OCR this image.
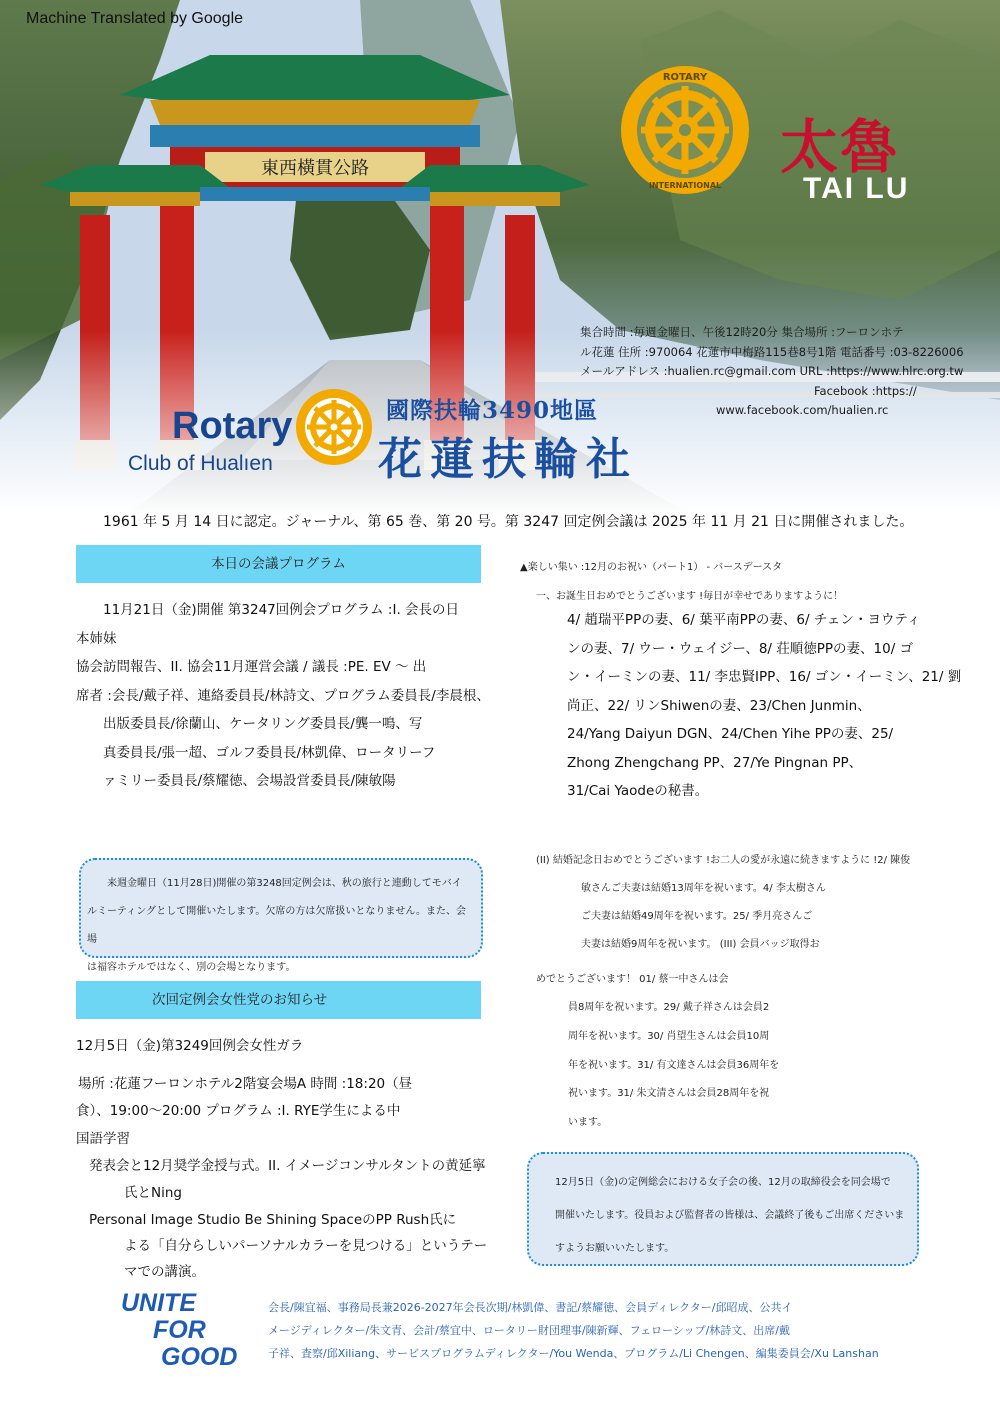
東西橫貫公路
ROTARY
INTERNATIONAL
Machine Translated by Google
太魯
TAI LU
集合時間 :毎週金曜日、午後12時20分 集合場所 :フーロンホテ
ル花蓮 住所 :970064 花蓮市中梅路115巷8号1階 電話番号 :03-8226006
メールアドレス :hualien.rc@gmail.com URL :https://www.hlrc.org.tw
Facebook :https://
www.facebook.com/hualien.rc
Rotary
Club of Hualıen
國際扶輪3490地區
花蓮扶輪社
1961 年 5 月 14 日に認定。ジャーナル、第 65 巻、第 20 号。第 3247 回定例会議は 2025 年 11 月 21 日に開催されました。
本日の会議プログラム
　　11月21日（金)開催 第3247回例会プログラム :I. 会長の日
本姉妹
協会訪問報告、II. 協会11月運営会議 / 議長 :PE. EV ～ 出
席者 :会長/戴子祥、連絡委員長/林詩文、プログラム委員長/李晨根、
　　出版委員長/徐蘭山、ケータリング委員長/龔一鳴、写
　　真委員長/張一超、ゴルフ委員長/林凱偉、ロータリーフ
　　ァミリー委員長/蔡耀徳、会場設営委員長/陳敏陽
　　来週金曜日（11月28日)開催の第3248回定例会は、秋の旅行と連動してモバイ
ルミーティングとして開催いたします。欠席の方は欠席扱いとなりません。また、会場
は福容ホテルではなく、別の会場となります。
次回定例会女性党のお知らせ
12月5日（金)第3249回例会女性ガラ
場所 :花蓮フーロンホテル2階宴会場A 時間 :18:20（昼
食）、19:00～20:00 プログラム :I. RYE学生による中
国語学習
発表会と12月奨学金授与式。II. イメージコンサルタントの黄延寧
氏とNing
Personal Image Studio Be Shining SpaceのPP Rush氏に
よる「自分らしいパーソナルカラーを見つける」というテー
マでの講演。
▲楽しい集い :12月のお祝い（パート1） - バースデースタ
一、お誕生日おめでとうございます !毎日が幸せでありますように！
4/ 趙瑞平PPの妻、6/ 葉平南PPの妻、6/ チェン・ヨウティ
ンの妻、7/ ウー・ウェイジー、8/ 荘順徳PPの妻、10/ ゴ
ン・イーミンの妻、11/ 李忠賢IPP、16/ ゴン・イーミン、21/ 劉
尚正、22/ リンShiwenの妻、23/Chen Junmin、
24/Yang Daiyun DGN、24/Chen Yihe PPの妻、25/
Zhong Zhengchang PP、27/Ye Pingnan PP、
31/Cai Yaodeの秘書。
(II) 結婚記念日おめでとうございます !お二人の愛が永遠に続きますように !2/ 陳俊
敏さんご夫妻は結婚13周年を祝います。4/ 李太樹さん
ご夫妻は結婚49周年を祝います。25/ 季月亮さんご
夫妻は結婚9周年を祝います。 (III) 会員バッジ取得お
めでとうございます！ 01/ 蔡一中さんは会
員8周年を祝います。29/ 戴子祥さんは会員2
周年を祝います。30/ 肖望生さんは会員10周
年を祝います。31/ 有文達さんは会員36周年を
祝います。31/ 朱文清さんは会員28周年を祝
います。
12月5日（金)の定例総会における女子会の後、12月の取締役会を同会場で
開催いたします。役員および監督者の皆様は、会議終了後もご出席くださいま
すようお願いいたします。
UNITE
FOR
GOOD
会長/陳宜福、事務局長兼2026-2027年会長次期/林凱偉、書記/蔡耀徳、会員ディレクター/邱昭成、公共イ
メージディレクター/朱文青、会計/蔡宜中、ロータリー財団理事/陳新輝、フェローシップ/林詩文、出席/戴
子祥、査察/邱Xiliang、サービスプログラムディレクター/You Wenda、プログラム/Li Chengen、編集委員会/Xu Lanshan
